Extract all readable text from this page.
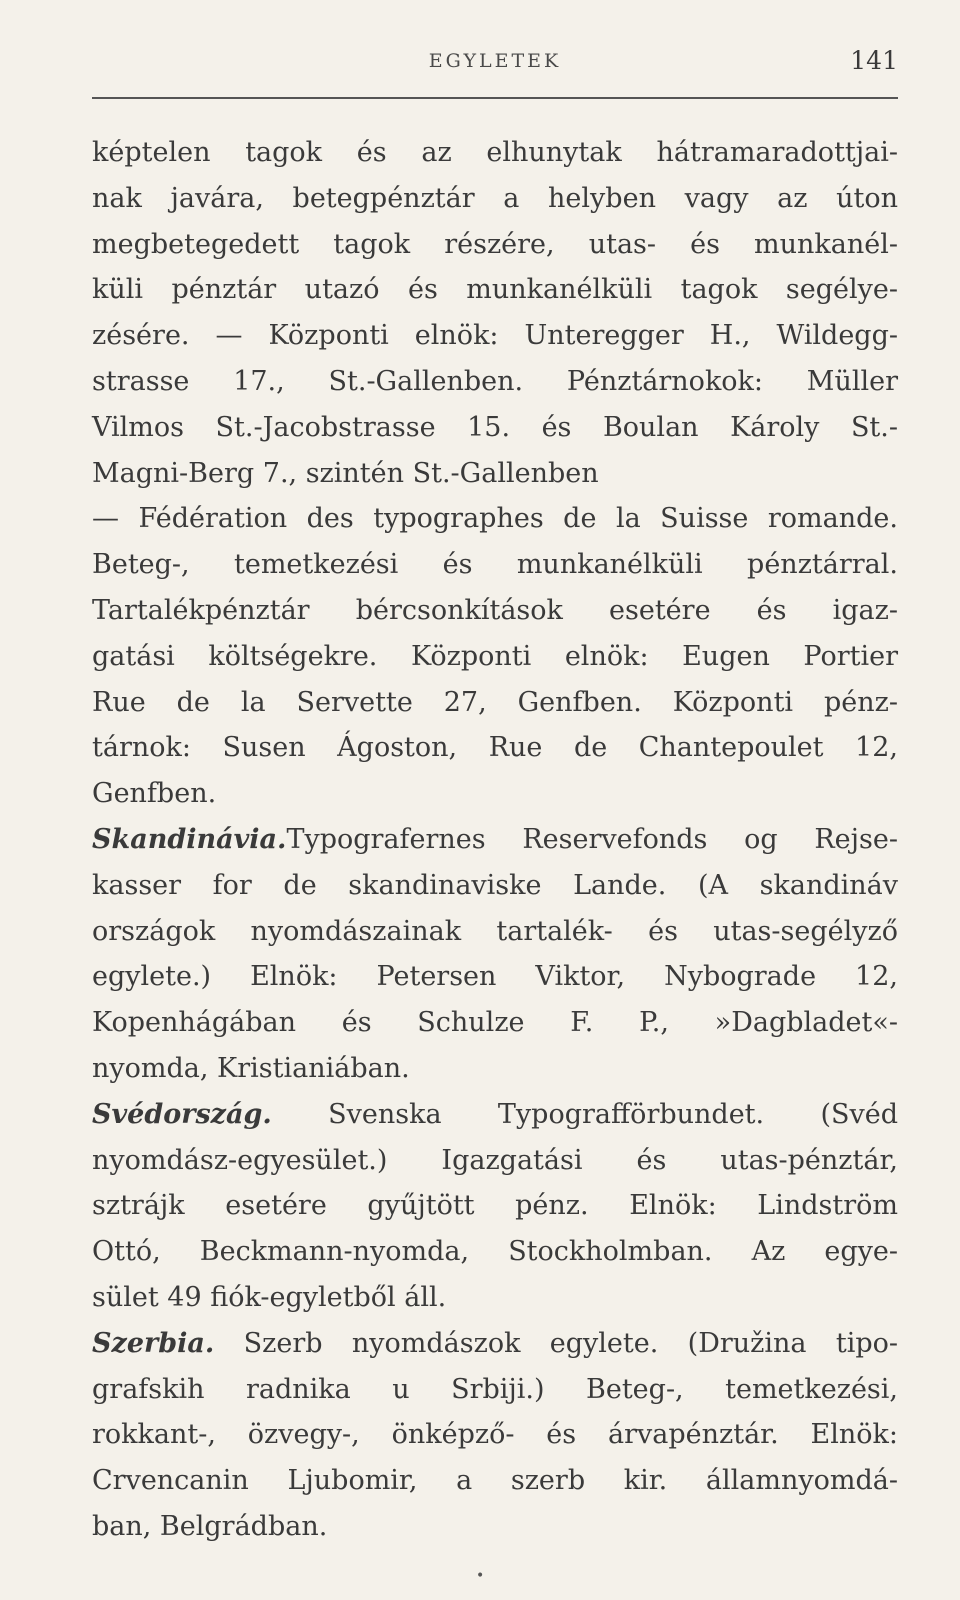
EGYLETEK	141
képtelen tagok és az elhunytak hátramaradottjai-
nak javára, betegpénztár a helyben vagy az úton
megbetegedett tagok részére, utas- és munkanél-
küli pénztár utazó és munkanélküli tagok segélye-
zésére. — Központi elnök: Unteregger H., Wildegg-
strasse 17., St.-Gallenben. Pénztárnokok: Müller
Vilmos St.-Jacobstrasse 15. és Boulan Károly St.-
Magni-Berg 7., szintén St.-Gallenben
— Fédération des typographes de la Suisse romande.
Beteg-, temetkezési és munkanélküli pénztárral.
Tartalékpénztár bércsonkítások esetére és igaz-
gatási költségekre. Központi elnök: Eugen Portier
Rue de la Servette 27, Genfben. Központi pénz-
tárnok: Susen Ágoston, Rue de Chantepoulet 12,
Genfben.
Skandinávia.Typografernes Reservefonds og Rejse-
kasser for de skandinaviske Lande. (A skandináv
országok nyomdászainak tartalék- és utas-segélyző
egylete.) Elnök: Petersen Viktor, Nybograde 12,
Kopenhágában és Schulze F. P., »Dagbladet«-
nyomda, Kristianiában.
Svédország. Svenska Typografförbundet. (Svéd
nyomdász-egyesület.) Igazgatási és utas-pénztár,
sztrájk esetére gyűjtött pénz. Elnök: Lindström
Ottó, Beckmann-nyomda, Stockholmban. Az egye-
sület 49 fiók-egyletből áll.
Szerbia. Szerb nyomdászok egylete. (Družina tipo-
grafskih radnika u Srbiji.) Beteg-, temetkezési,
rokkant-, özvegy-, önképző- és árvapénztár. Elnök:
Crvencanin Ljubomir, a szerb kir. államnyomdá-
ban, Belgrádban.
•
